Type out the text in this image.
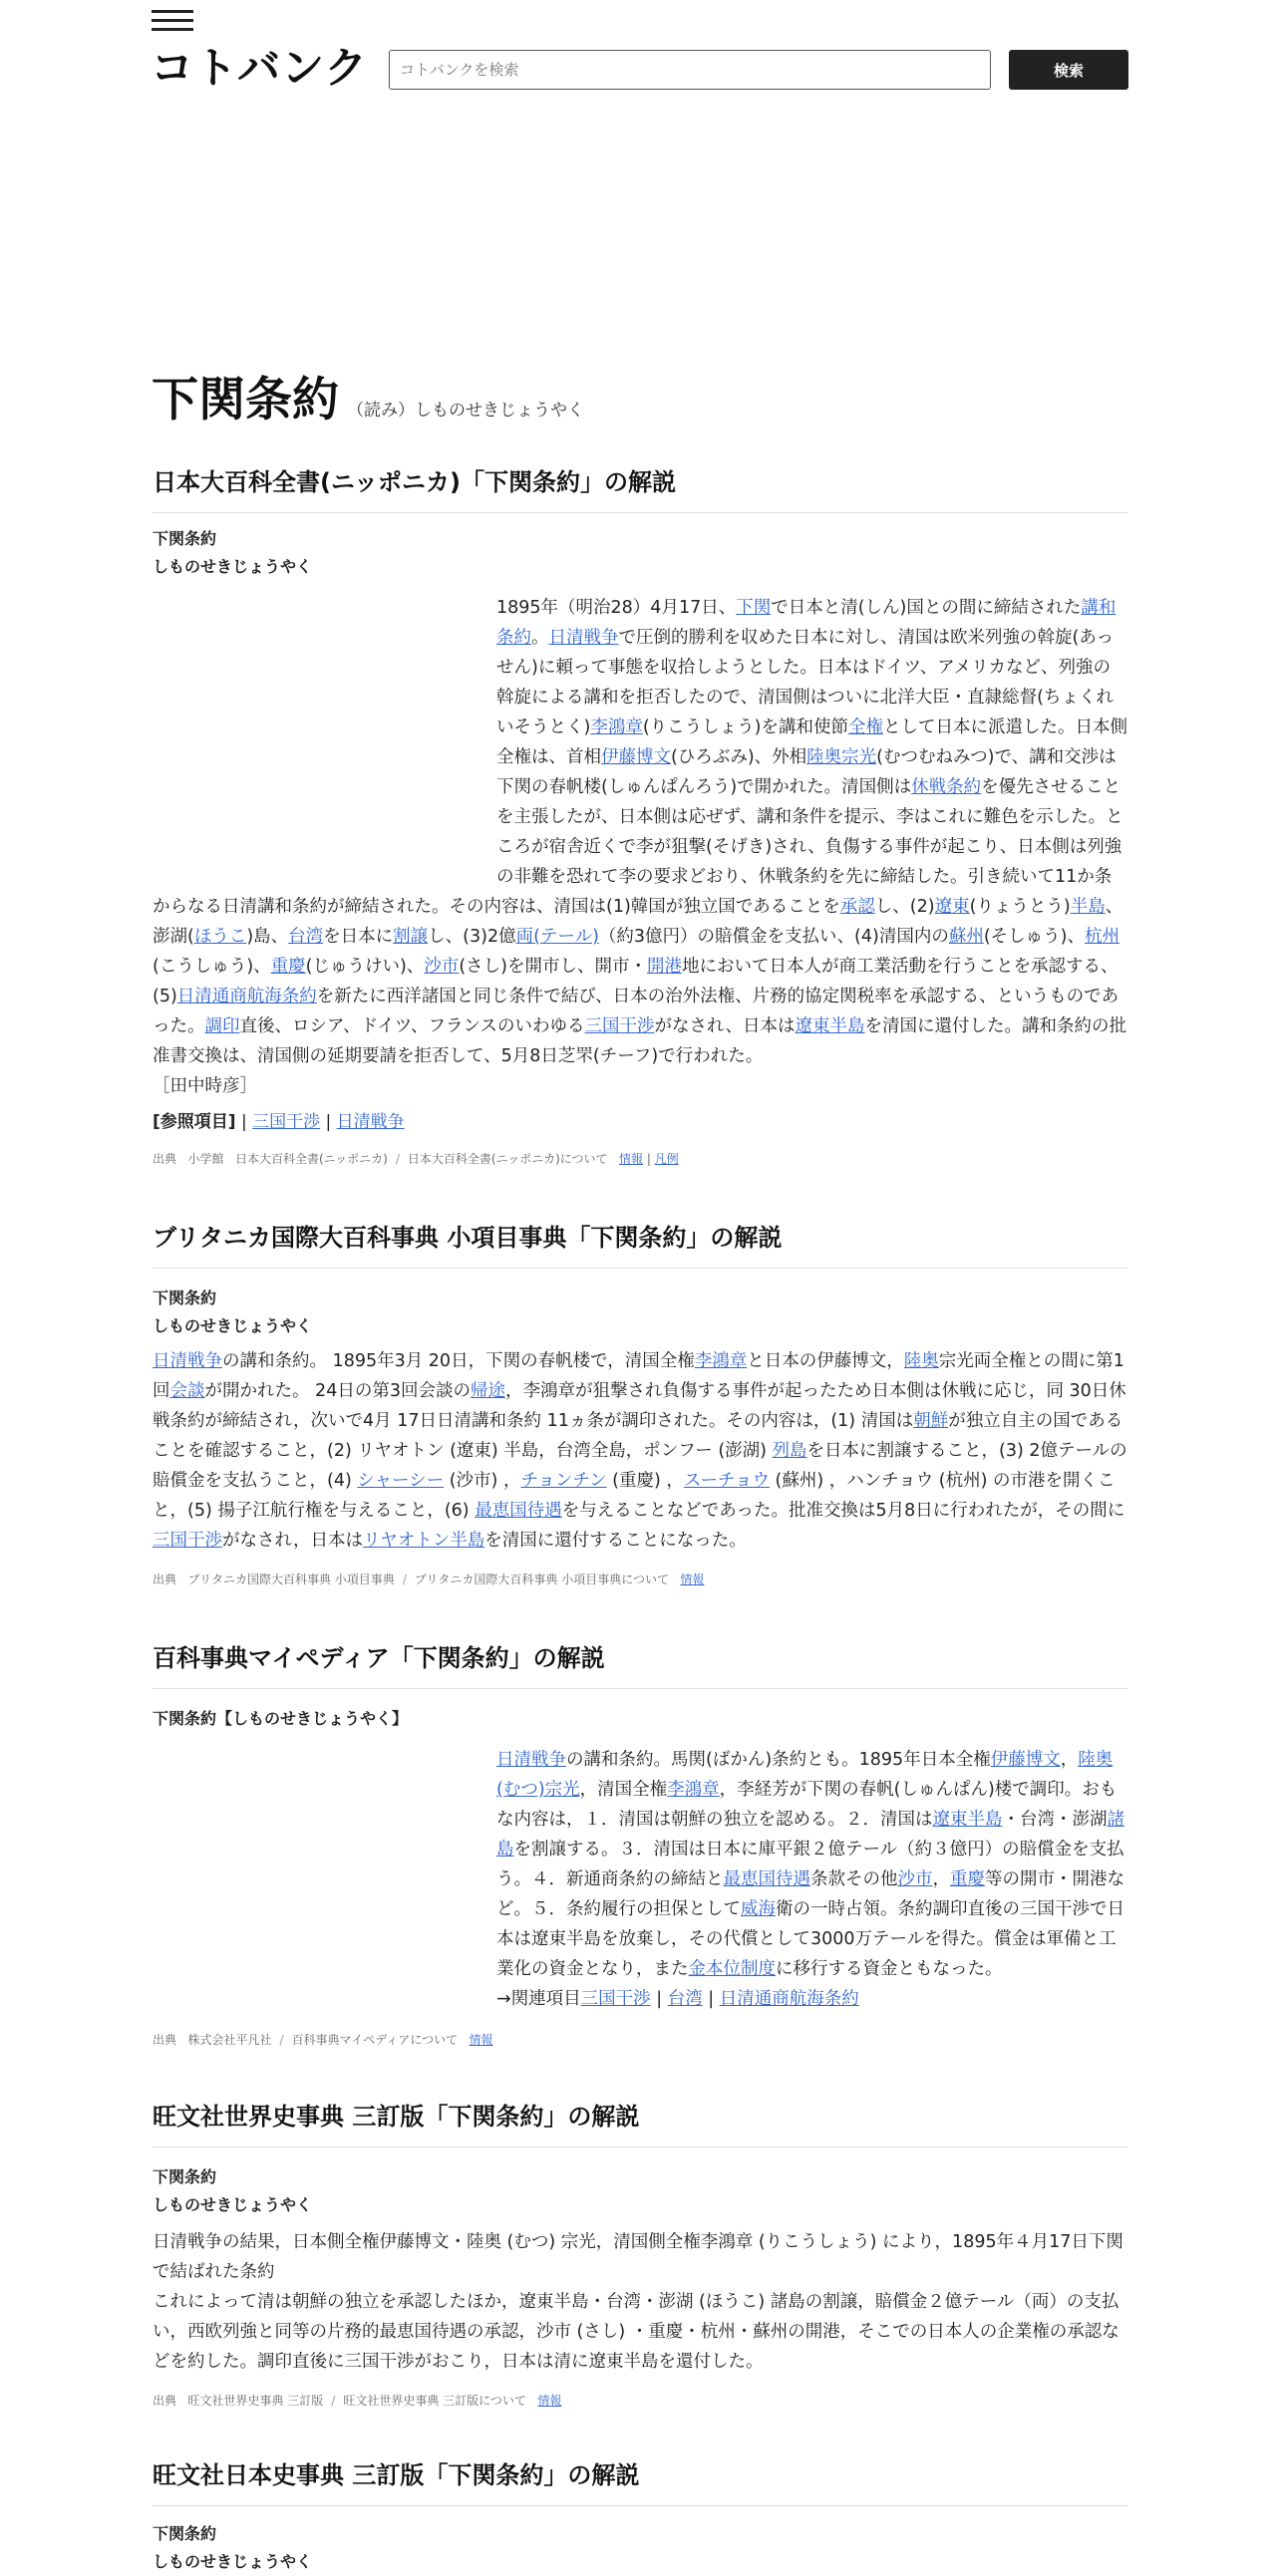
コトバンク
コトバンクを検索	検索
下関条約 （読み）しものせきじょうやく
日本大百科全書(ニッポニカ)「下関条約」の解説
下関条約
しものせきじょうやく
1895年（明治28）4月17日、下関で日本と清(しん)国との間に締結された講和条約。日清戦争で圧倒的勝利を収めた日本に対し、清国は欧米列強の斡旋(あっせん)に頼って事態を収拾しようとした。日本はドイツ、アメリカなど、列強の斡旋による講和を拒否したので、清国側はついに北洋大臣・直隷総督(ちょくれいそうとく)李鴻章(りこうしょう)を講和使節全権として日本に派遣した。日本側全権は、首相伊藤博文(ひろぶみ)、外相陸奥宗光(むつむねみつ)で、講和交渉は下関の春帆楼(しゅんぱんろう)で開かれた。清国側は休戦条約を優先させることを主張したが、日本側は応ぜず、講和条件を提示、李はこれに難色を示した。ところが宿舎近くで李が狙撃(そげき)され、負傷する事件が起こり、日本側は列強の非難を恐れて李の要求どおり、休戦条約を先に締結した。引き続いて11か条からなる日清講和条約が締結された。その内容は、清国は(1)韓国が独立国であることを承認し、(2)遼東(りょうとう)半島、澎湖(ほうこ)島、台湾を日本に割譲し、(3)2億両(テール)（約3億円）の賠償金を支払い、(4)清国内の蘇州(そしゅう)、杭州(こうしゅう)、重慶(じゅうけい)、沙市(さし)を開市し、開市・開港地において日本人が商工業活動を行うことを承認する、(5)日清通商航海条約を新たに西洋諸国と同じ条件で結び、日本の治外法権、片務的協定関税率を承認する、というものであった。調印直後、ロシア、ドイツ、フランスのいわゆる三国干渉がなされ、日本は遼東半島を清国に還付した。講和条約の批准書交換は、清国側の延期要請を拒否して、5月8日芝罘(チーフ)で行われた。
［田中時彦］
[参照項目] | 三国干渉 | 日清戦争
出典 小学館 日本大百科全書(ニッポニカ) / 日本大百科全書(ニッポニカ)について 情報 | 凡例
ブリタニカ国際大百科事典 小項目事典「下関条約」の解説
下関条約
しものせきじょうやく
日清戦争の講和条約。 1895年3月 20日，下関の春帆楼で，清国全権李鴻章と日本の伊藤博文，陸奥宗光両全権との間に第1回会談が開かれた。 24日の第3回会談の帰途，李鴻章が狙撃され負傷する事件が起ったため日本側は休戦に応じ，同 30日休戦条約が締結され，次いで4月 17日日清講和条約 11ヵ条が調印された。その内容は，(1) 清国は朝鮮が独立自主の国であることを確認すること，(2) リヤオトン (遼東) 半島，台湾全島，ポンフー (澎湖) 列島を日本に割譲すること，(3) 2億テールの賠償金を支払うこと，(4) シャーシー (沙市) ，チョンチン (重慶) ，スーチョウ (蘇州) ，ハンチョウ (杭州) の市港を開くこと，(5) 揚子江航行権を与えること，(6) 最恵国待遇を与えることなどであった。批准交換は5月8日に行われたが，その間に三国干渉がなされ，日本はリヤオトン半島を清国に還付することになった。
出典 ブリタニカ国際大百科事典 小項目事典 / ブリタニカ国際大百科事典 小項目事典について 情報
百科事典マイペディア「下関条約」の解説
下関条約【しものせきじょうやく】
日清戦争の講和条約。馬関(ばかん)条約とも。1895年日本全権伊藤博文，陸奥(むつ)宗光，清国全権李鴻章，李経芳が下関の春帆(しゅんぱん)楼で調印。おもな内容は，１．清国は朝鮮の独立を認める。２．清国は遼東半島・台湾・澎湖諸島を割譲する。３．清国は日本に庫平銀２億テール（約３億円）の賠償金を支払う。４．新通商条約の締結と最恵国待遇条款その他沙市，重慶等の開市・開港など。５．条約履行の担保として威海衛の一時占領。条約調印直後の三国干渉で日本は遼東半島を放棄し，その代償として3000万テールを得た。償金は軍備と工業化の資金となり，また金本位制度に移行する資金ともなった。
→関連項目三国干渉 | 台湾 | 日清通商航海条約
出典 株式会社平凡社 / 百科事典マイペディアについて 情報
旺文社世界史事典 三訂版「下関条約」の解説
下関条約
しものせきじょうやく
日清戦争の結果，日本側全権伊藤博文・陸奥 (むつ) 宗光，清国側全権李鴻章 (りこうしょう) により，1895年４月17日下関で結ばれた条約
これによって清は朝鮮の独立を承認したほか，遼東半島・台湾・澎湖 (ほうこ) 諸島の割譲，賠償金２億テール（両）の支払い，西欧列強と同等の片務的最恵国待遇の承認，沙市 (さし) ・重慶・杭州・蘇州の開港，そこでの日本人の企業権の承認などを約した。調印直後に三国干渉がおこり，日本は清に遼東半島を還付した。
出典 旺文社世界史事典 三訂版 / 旺文社世界史事典 三訂版について 情報
旺文社日本史事典 三訂版「下関条約」の解説
下関条約
しものせきじょうやく
